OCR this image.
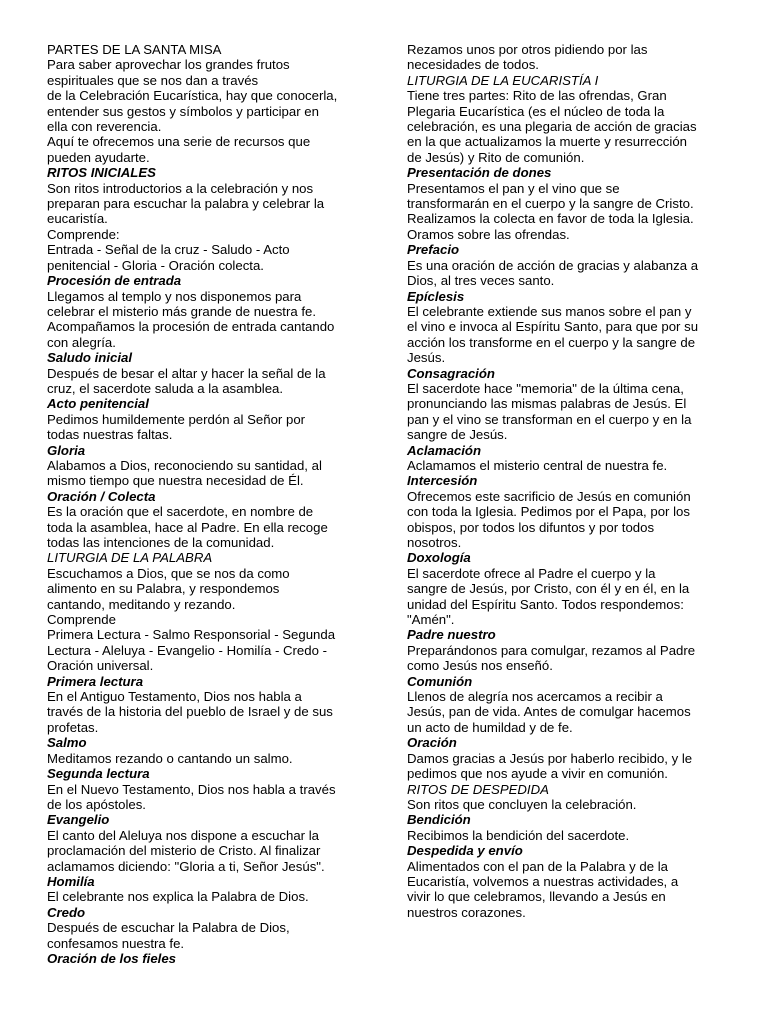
PARTES DE LA SANTA MISA
Para saber aprovechar los grandes frutos
espirituales que se nos dan a través
de la Celebración Eucarística, hay que conocerla,
entender sus gestos y símbolos y participar en
ella con reverencia.
Aquí te ofrecemos una serie de recursos que
pueden ayudarte.
RITOS INICIALES
Son ritos introductorios a la celebración y nos
preparan para escuchar la palabra y celebrar la
eucaristía.
Comprende:
Entrada - Señal de la cruz - Saludo - Acto
penitencial - Gloria - Oración colecta.
Procesión de entrada
Llegamos al templo y nos disponemos para
celebrar el misterio más grande de nuestra fe.
Acompañamos la procesión de entrada cantando
con alegría.
Saludo inicial
Después de besar el altar y hacer la señal de la
cruz, el sacerdote saluda a la asamblea.
Acto penitencial
Pedimos humildemente perdón al Señor por
todas nuestras faltas.
Gloria
Alabamos a Dios, reconociendo su santidad, al
mismo tiempo que nuestra necesidad de Él.
Oración / Colecta
Es la oración que el sacerdote, en nombre de
toda la asamblea, hace al Padre. En ella recoge
todas las intenciones de la comunidad.
LITURGIA DE LA PALABRA
Escuchamos a Dios, que se nos da como
alimento en su Palabra, y respondemos
cantando, meditando y rezando.
Comprende
Primera Lectura - Salmo Responsorial - Segunda
Lectura - Aleluya - Evangelio - Homilía - Credo -
Oración universal.
Primera lectura
En el Antiguo Testamento, Dios nos habla a
través de la historia del pueblo de Israel y de sus
profetas.
Salmo
Meditamos rezando o cantando un salmo.
Segunda lectura
En el Nuevo Testamento, Dios nos habla a través
de los apóstoles.
Evangelio
El canto del Aleluya nos dispone a escuchar la
proclamación del misterio de Cristo. Al finalizar
aclamamos diciendo: "Gloria a ti, Señor Jesús".
Homilía
El celebrante nos explica la Palabra de Dios.
Credo
Después de escuchar la Palabra de Dios,
confesamos nuestra fe.
Oración de los fieles
Rezamos unos por otros pidiendo por las
necesidades de todos.
LITURGIA DE LA EUCARISTÍA I
Tiene tres partes: Rito de las ofrendas, Gran
Plegaria Eucarística (es el núcleo de toda la
celebración, es una plegaria de acción de gracias
en la que actualizamos la muerte y resurrección
de Jesús) y Rito de comunión.
Presentación de dones
Presentamos el pan y el vino que se
transformarán en el cuerpo y la sangre de Cristo.
Realizamos la colecta en favor de toda la Iglesia.
Oramos sobre las ofrendas.
Prefacio
Es una oración de acción de gracias y alabanza a
Dios, al tres veces santo.
Epíclesis
El celebrante extiende sus manos sobre el pan y
el vino e invoca al Espíritu Santo, para que por su
acción los transforme en el cuerpo y la sangre de
Jesús.
Consagración
El sacerdote hace "memoria" de la última cena,
pronunciando las mismas palabras de Jesús. El
pan y el vino se transforman en el cuerpo y en la
sangre de Jesús.
Aclamación
Aclamamos el misterio central de nuestra fe.
Intercesión
Ofrecemos este sacrificio de Jesús en comunión
con toda la Iglesia. Pedimos por el Papa, por los
obispos, por todos los difuntos y por todos
nosotros.
Doxología
El sacerdote ofrece al Padre el cuerpo y la
sangre de Jesús, por Cristo, con él y en él, en la
unidad del Espíritu Santo. Todos respondemos:
"Amén".
Padre nuestro
Preparándonos para comulgar, rezamos al Padre
como Jesús nos enseñó.
Comunión
Llenos de alegría nos acercamos a recibir a
Jesús, pan de vida. Antes de comulgar hacemos
un acto de humildad y de fe.
Oración
Damos gracias a Jesús por haberlo recibido, y le
pedimos que nos ayude a vivir en comunión.
RITOS DE DESPEDIDA
Son ritos que concluyen la celebración.
Bendición
Recibimos la bendición del sacerdote.
Despedida y envío
Alimentados con el pan de la Palabra y de la
Eucaristía, volvemos a nuestras actividades, a
vivir lo que celebramos, llevando a Jesús en
nuestros corazones.
